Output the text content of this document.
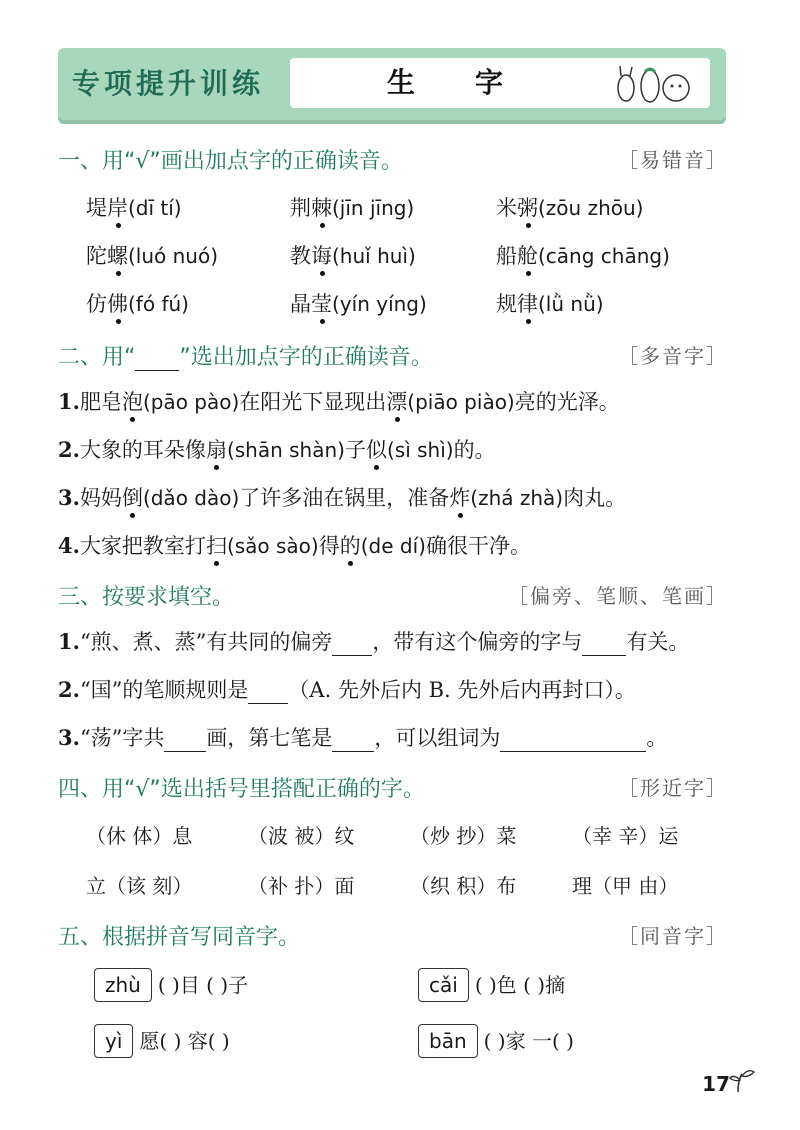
专项提升训练	生字
一、用“√”画出加点字的正确读音。	［易错音］
堤岸(dī tí)	荆棘(jīn jīng)	米粥(zōu zhōu)
陀螺(luó nuó)	教诲(huǐ huì)	船舱(cāng chāng)
仿佛(fó fú)	晶莹(yín yíng)	规律(lǜ nǜ)
二、用“ ”选出加点字的正确读音。	［多音字］
1.肥皂泡(pāo pào)在阳光下显现出漂(piāo piào)亮的光泽。
2.大象的耳朵像扇(shān shàn)子似(sì shì)的。
3.妈妈倒(dǎo dào)了许多油在锅里，准备炸(zhá zhà)肉丸。
4.大家把教室打扫(sǎo sào)得的(de dí)确很干净。
三、按要求填空。	［偏旁、笔顺、笔画］
1.“煎、煮、蒸”有共同的偏旁 ，带有这个偏旁的字与 有关。
2.“国”的笔顺规则是 （A. 先外后内 B. 先外后内再封口）。
3.“荡”字共 画，第七笔是 ，可以组词为	。
四、用“√”选出括号里搭配正确的字。	［形近字］
（休 体）息	（波 被）纹	（炒 抄）菜	（幸 辛）运
立（该 刻）	（补 扑）面	（织 积）布	理（甲 由）
五、根据拼音写同音字。	［同音字］
zhù ( )目 ( )子	cǎi ( )色 ( )摘
yì 愿( ) 容( )	bān ( )家 一( )
17
